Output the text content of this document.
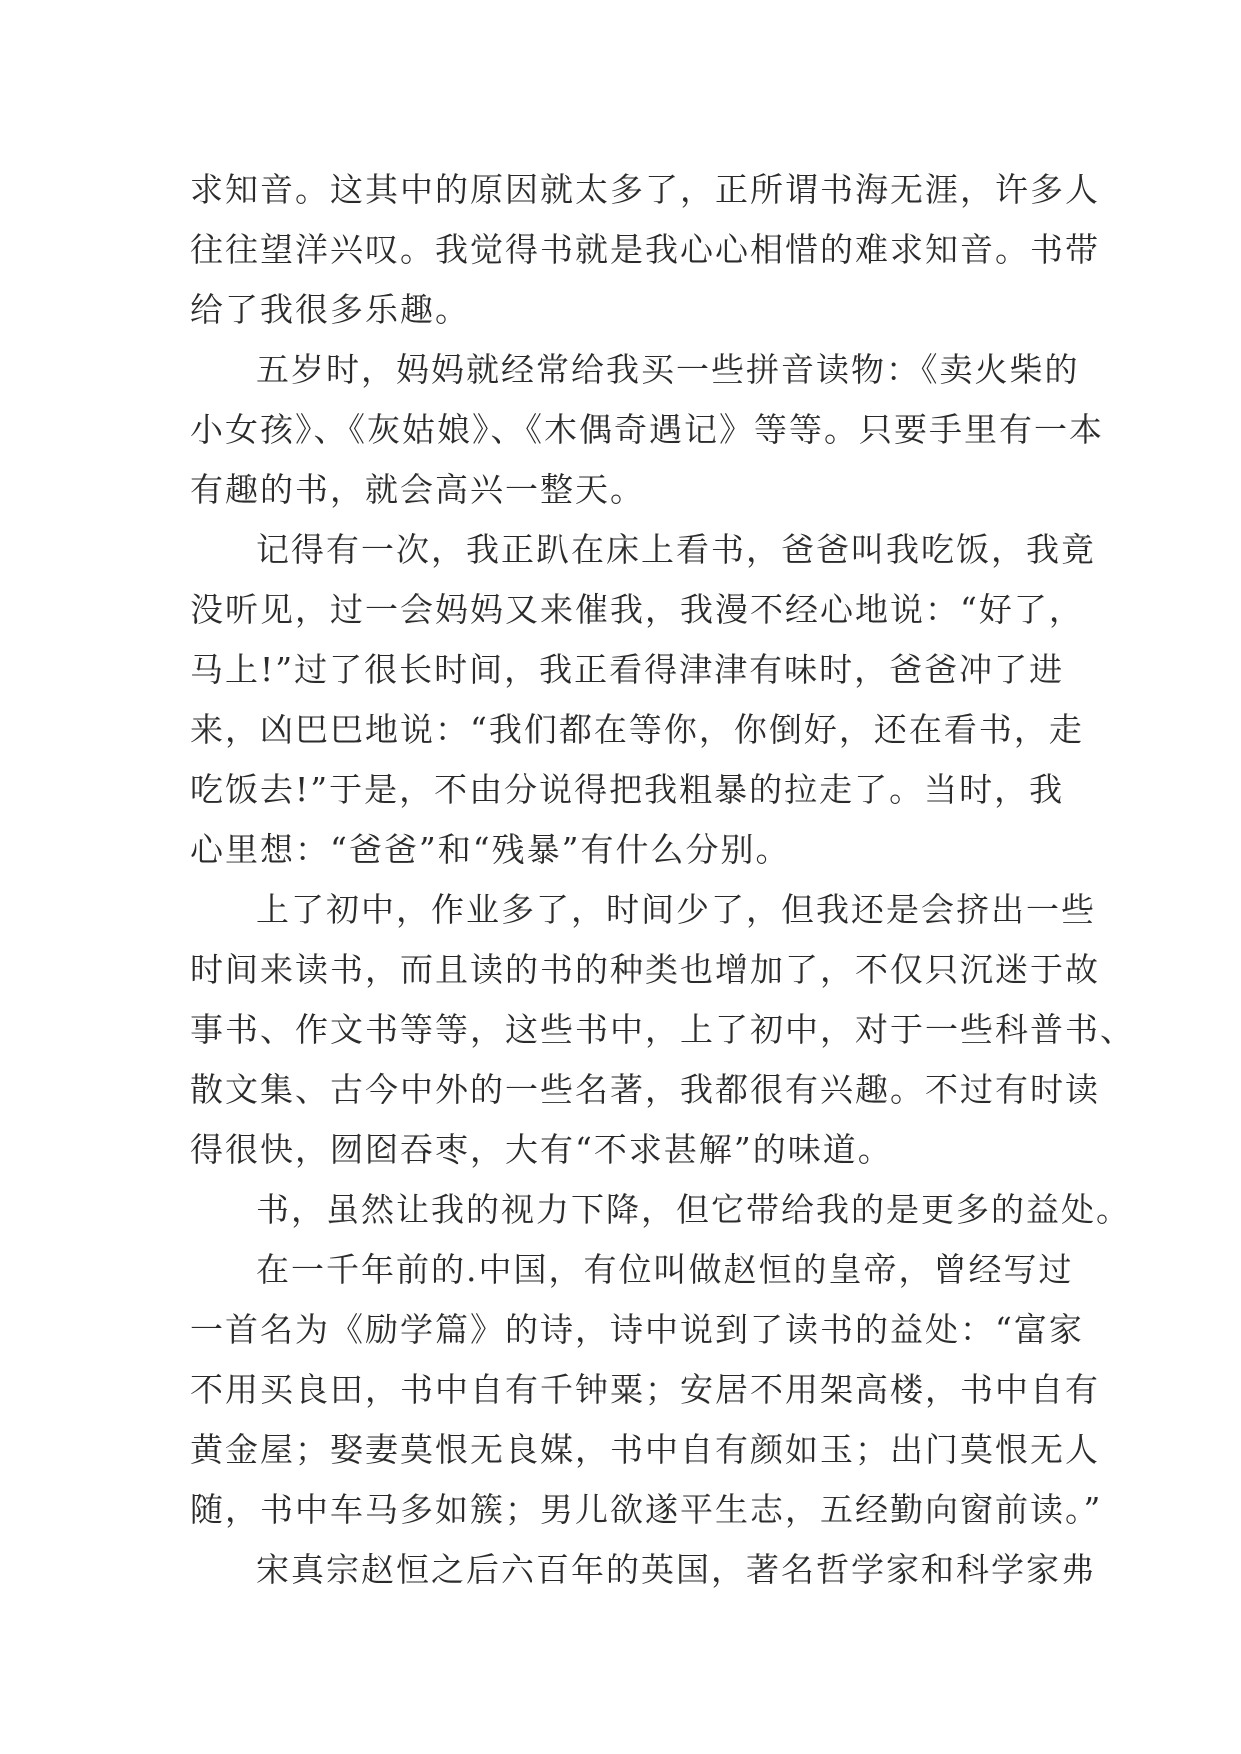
求知音。这其中的原因就太多了，正所谓书海无涯，许多人
往往望洋兴叹。我觉得书就是我心心相惜的难求知音。书带
给了我很多乐趣。
五岁时，妈妈就经常给我买一些拼音读物：《卖火柴的
小女孩》、《灰姑娘》、《木偶奇遇记》等等。只要手里有一本
有趣的书，就会高兴一整天。
记得有一次，我正趴在床上看书，爸爸叫我吃饭，我竟
没听见，过一会妈妈又来催我，我漫不经心地说：“好了，
马上!”过了很长时间，我正看得津津有味时，爸爸冲了进
来，凶巴巴地说：“我们都在等你，你倒好，还在看书，走
吃饭去!”于是，不由分说得把我粗暴的拉走了。当时，我
心里想：“爸爸”和“残暴”有什么分别。
上了初中，作业多了，时间少了，但我还是会挤出一些
时间来读书，而且读的书的种类也增加了，不仅只沉迷于故
事书、作文书等等，这些书中，上了初中，对于一些科普书、
散文集、古今中外的一些名著，我都很有兴趣。不过有时读
得很快，囫囵吞枣，大有“不求甚解”的味道。
书，虽然让我的视力下降，但它带给我的是更多的益处。
在一千年前的.中国，有位叫做赵恒的皇帝，曾经写过
一首名为《励学篇》的诗，诗中说到了读书的益处：“富家
不用买良田，书中自有千钟粟；安居不用架高楼，书中自有
黄金屋；娶妻莫恨无良媒，书中自有颜如玉；出门莫恨无人
随，书中车马多如簇；男儿欲遂平生志，五经勤向窗前读。”
宋真宗赵恒之后六百年的英国，著名哲学家和科学家弗
